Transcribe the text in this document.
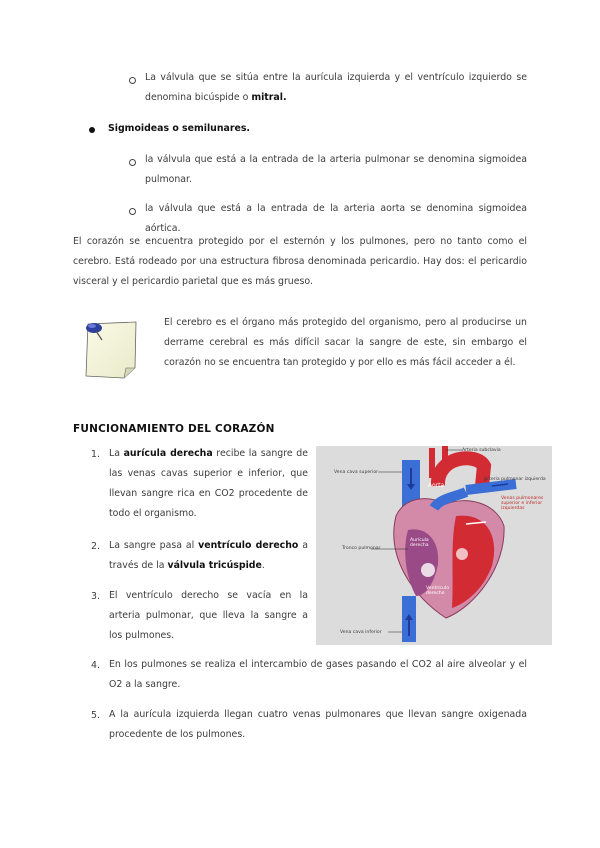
La válvula que se sitúa entre la aurícula izquierda y el ventrículo izquierdo se denomina bicúspide o mitral.

Sigmoideas o semilunares.

la válvula que está a la entrada de la arteria pulmonar se denomina sigmoidea pulmonar.

la válvula que está a la entrada de la arteria aorta se denomina sigmoidea aórtica.

El corazón se encuentra protegido por el esternón y los pulmones, pero no tanto como el cerebro. Está rodeado por una estructura fibrosa denominada pericardio. Hay dos: el pericardio visceral y el pericardio parietal que es más grueso.

El cerebro es el órgano más protegido del organismo, pero al producirse un derrame cerebral es más difícil sacar la sangre de este, sin embargo el corazón no se encuentra tan protegido y por ello es más fácil acceder a él.

FUNCIONAMIENTO DEL CORAZÓN

1. La aurícula derecha recibe la sangre de las venas cavas superior e inferior, que llevan sangre rica en CO2 procedente de todo el organismo.

2. La sangre pasa al ventrículo derecho a través de la válvula tricúspide.

3. El ventrículo derecho se vacía en la arteria pulmonar, que lleva la sangre a los pulmones.

4. En los pulmones se realiza el intercambio de gases pasando el CO2 al aire alveolar y el O2 a la sangre.

5. A la aurícula izquierda llegan cuatro venas pulmonares que llevan sangre oxigenada procedente de los pulmones.

Arteria subclavia
Vena cava superior
Aorta
Arteria pulmonar izquierda
Venas pulmonares superior e inferior izquierdas
Tronco pulmonar
Aurícula derecha
Ventrículo derecho
Vena cava inferior
